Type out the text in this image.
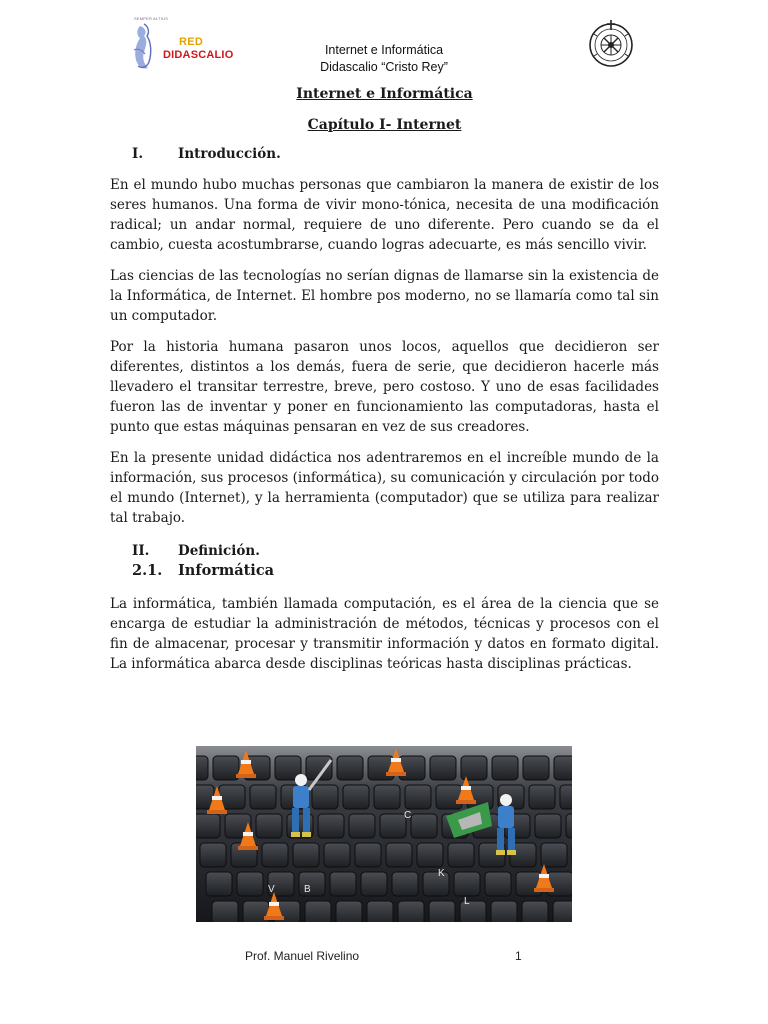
SEMPER ALTIUS
RED
DIDASCALIO	Internet e Informática
Didascalio “Cristo Rey”
Internet e Informática
Capítulo I- Internet
I.	Introducción.

En el mundo hubo muchas personas que cambiaron la manera de existir de los seres humanos. Una forma de vivir mono-tónica, necesita de una modificación radical; un andar normal, requiere de uno diferente. Pero cuando se da el cambio, cuesta acostumbrarse, cuando logras adecuarte, es más sencillo vivir.

Las ciencias de las tecnologías no serían dignas de llamarse sin la existencia de la Informática, de Internet. El hombre pos moderno, no se llamaría como tal sin un computador.

Por la historia humana pasaron unos locos, aquellos que decidieron ser diferentes, distintos a los demás, fuera de serie, que decidieron hacerle más llevadero el transitar terrestre, breve, pero costoso. Y uno de esas facilidades fueron las de inventar y poner en funcionamiento las computadoras, hasta el punto que estas máquinas pensaran en vez de sus creadores.

En la presente unidad didáctica nos adentraremos en el increíble mundo de la información, sus procesos (informática), su comunicación y circulación por todo el mundo (Internet), y la herramienta (computador) que se utiliza para realizar tal trabajo.

II.	Definición.
2.1.	Informática

La informática, también llamada computación, es el área de la ciencia que se encarga de estudiar la administración de métodos, técnicas y procesos con el fin de almacenar, procesar y transmitir información y datos en formato digital. La informática abarca desde disciplinas teóricas hasta disciplinas prácticas.

C
V	B
K
L
Prof. Manuel Rivelino	1
